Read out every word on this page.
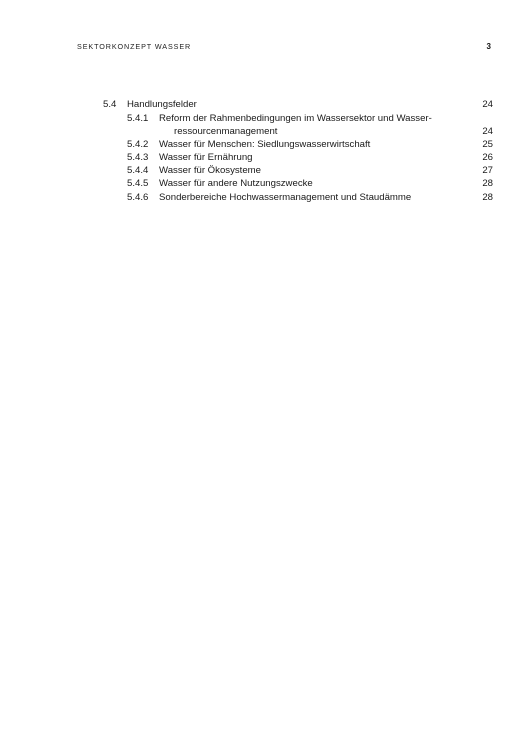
SEKTORKONZEPT WASSER	3
5.4 Handlungsfelder	24
5.4.1 Reform der Rahmenbedingungen im Wassersektor und Wasser-
ressourcenmanagement	24
5.4.2 Wasser für Menschen: Siedlungswasserwirtschaft	25
5.4.3 Wasser für Ernährung	26
5.4.4 Wasser für Ökosysteme	27
5.4.5 Wasser für andere Nutzungszwecke	28
5.4.6 Sonderbereiche Hochwassermanagement und Staudämme	28
